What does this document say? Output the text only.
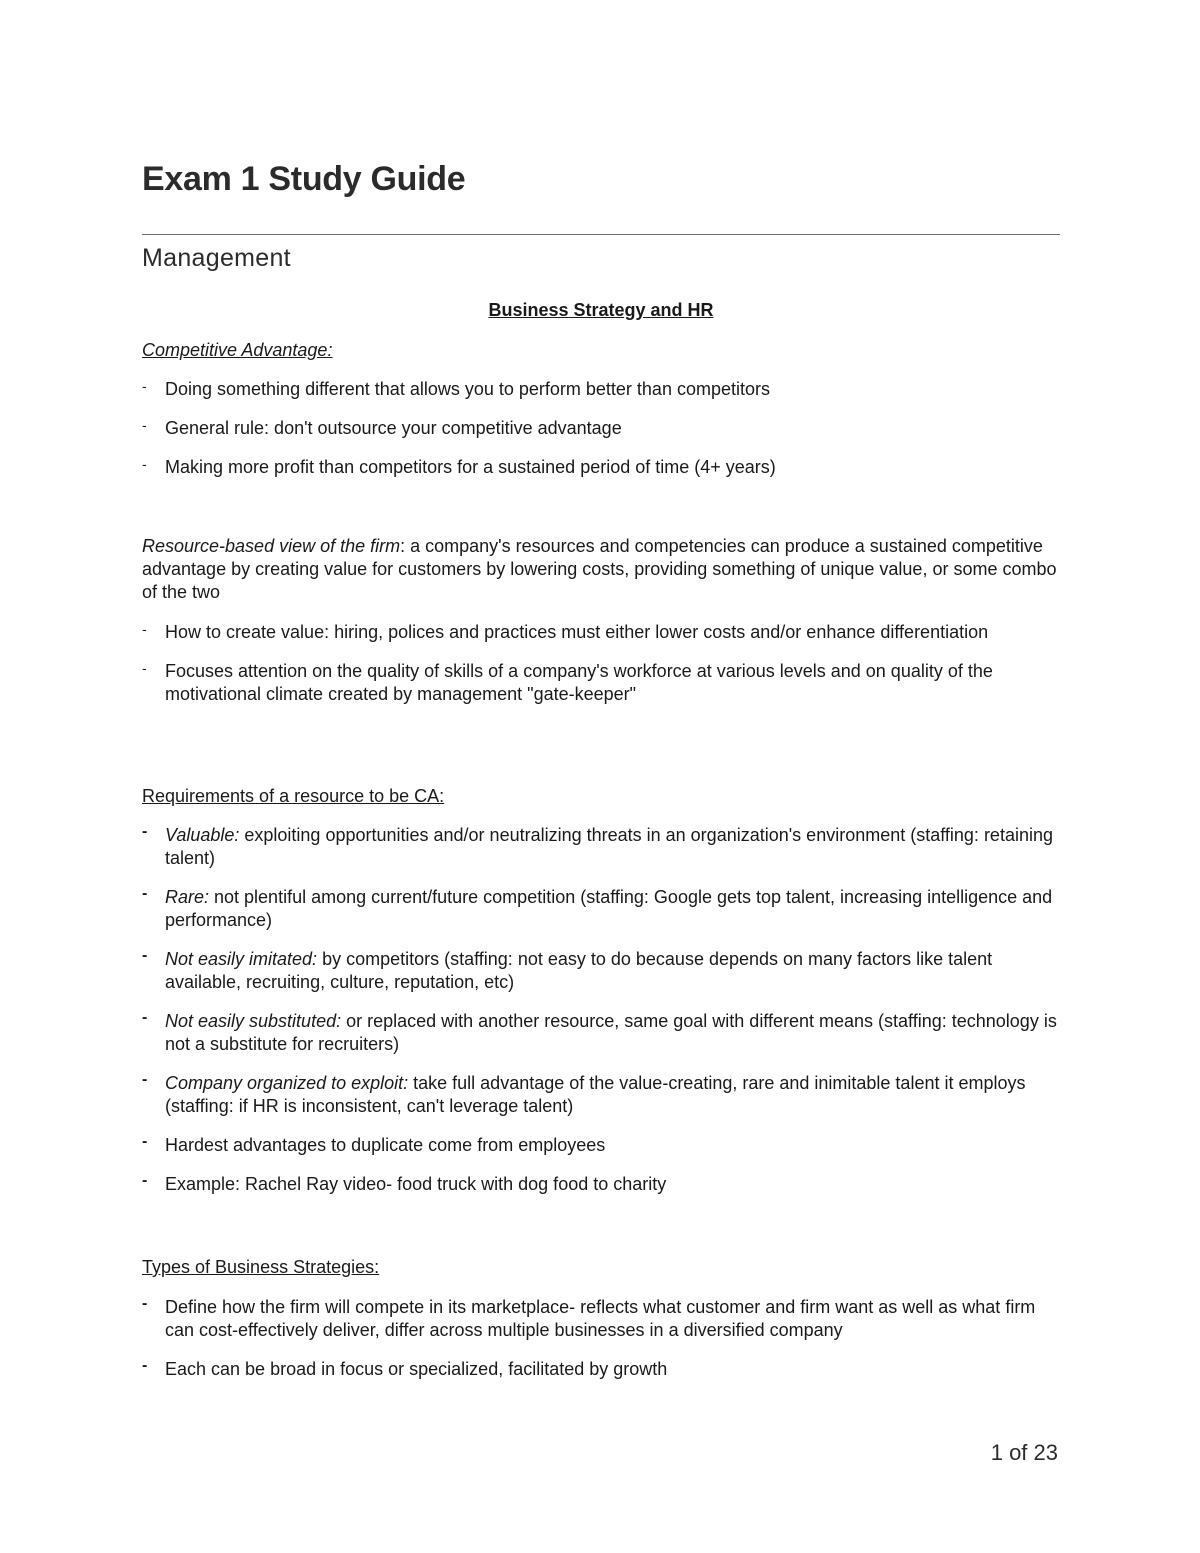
Exam 1 Study Guide
Management
Business Strategy and HR
Competitive Advantage:
- Doing something different that allows you to perform better than competitors
- General rule: don't outsource your competitive advantage
- Making more profit than competitors for a sustained period of time (4+ years)
Resource-based view of the firm: a company's resources and competencies can produce a sustained competitive advantage by creating value for customers by lowering costs, providing something of unique value, or some combo of the two
- How to create value: hiring, polices and practices must either lower costs and/or enhance differentiation
- Focuses attention on the quality of skills of a company's workforce at various levels and on quality of the motivational climate created by management "gate-keeper"
Requirements of a resource to be CA:
- Valuable: exploiting opportunities and/or neutralizing threats in an organization's environment (staffing: retaining talent)
- Rare: not plentiful among current/future competition (staffing: Google gets top talent, increasing intelligence and performance)
- Not easily imitated: by competitors (staffing: not easy to do because depends on many factors like talent available, recruiting, culture, reputation, etc)
- Not easily substituted: or replaced with another resource, same goal with different means (staffing: technology is not a substitute for recruiters)
- Company organized to exploit: take full advantage of the value-creating, rare and inimitable talent it employs (staffing: if HR is inconsistent, can't leverage talent)
- Hardest advantages to duplicate come from employees
- Example: Rachel Ray video- food truck with dog food to charity
Types of Business Strategies:
- Define how the firm will compete in its marketplace- reflects what customer and firm want as well as what firm can cost-effectively deliver, differ across multiple businesses in a diversified company
- Each can be broad in focus or specialized, facilitated by growth
1 of 23
